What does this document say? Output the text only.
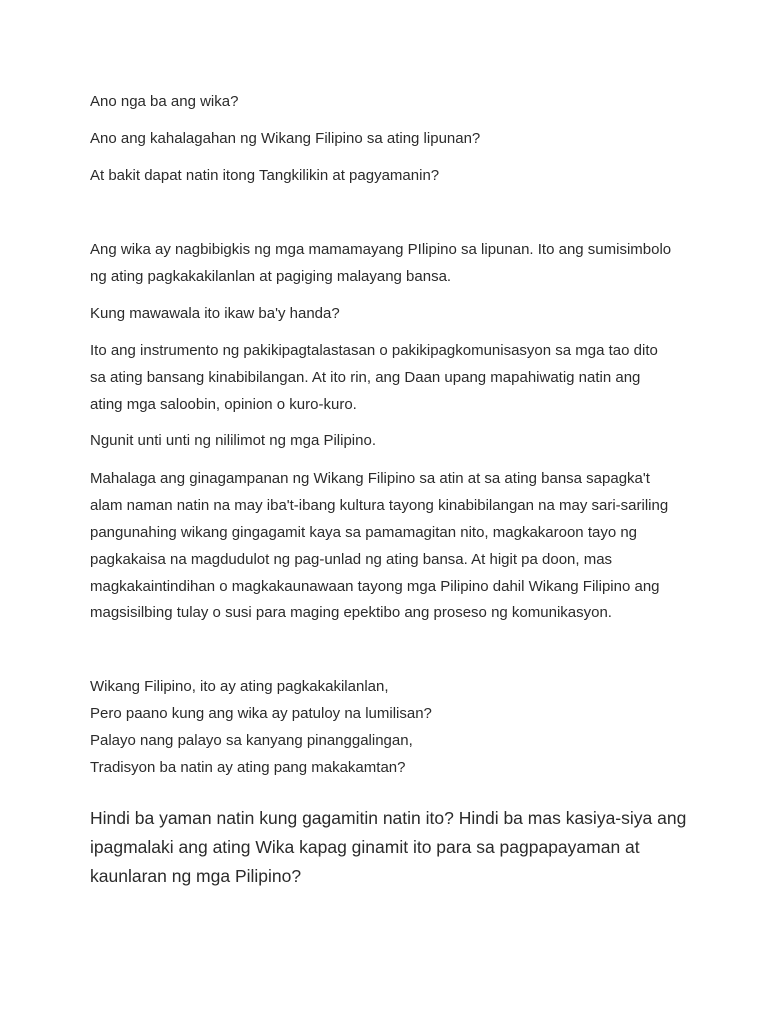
Ano nga ba ang wika?
Ano ang kahalagahan ng Wikang Filipino sa ating lipunan?
At bakit dapat natin itong Tangkilikin at pagyamanin?
Ang wika ay nagbibigkis ng mga mamamayang PIlipino sa lipunan. Ito ang sumisimbolo
ng ating pagkakakilanlan at pagiging malayang bansa.
Kung mawawala ito ikaw ba'y handa?
Ito ang instrumento ng pakikipagtalastasan o pakikipagkomunisasyon sa mga tao dito
sa ating bansang kinabibilangan. At ito rin, ang Daan upang mapahiwatig natin ang
ating mga saloobin, opinion o kuro-kuro.
Ngunit unti unti ng nililimot ng mga Pilipino.
Mahalaga ang ginagampanan ng Wikang Filipino sa atin at sa ating bansa sapagka't
alam naman natin na may iba't-ibang kultura tayong kinabibilangan na may sari-sariling
pangunahing wikang gingagamit kaya sa pamamagitan nito, magkakaroon tayo ng
pagkakaisa na magdudulot ng pag-unlad ng ating bansa. At higit pa doon, mas
magkakaintindihan o magkakaunawaan tayong mga Pilipino dahil Wikang Filipino ang
magsisilbing tulay o susi para maging epektibo ang proseso ng komunikasyon.
Wikang Filipino, ito ay ating pagkakakilanlan,
Pero paano kung ang wika ay patuloy na lumilisan?
Palayo nang palayo sa kanyang pinanggalingan,
Tradisyon ba natin ay ating pang makakamtan?
Hindi ba yaman natin kung gagamitin natin ito? Hindi ba mas kasiya-siya ang
ipagmalaki ang ating Wika kapag ginamit ito para sa pagpapayaman at
kaunlaran ng mga Pilipino?
